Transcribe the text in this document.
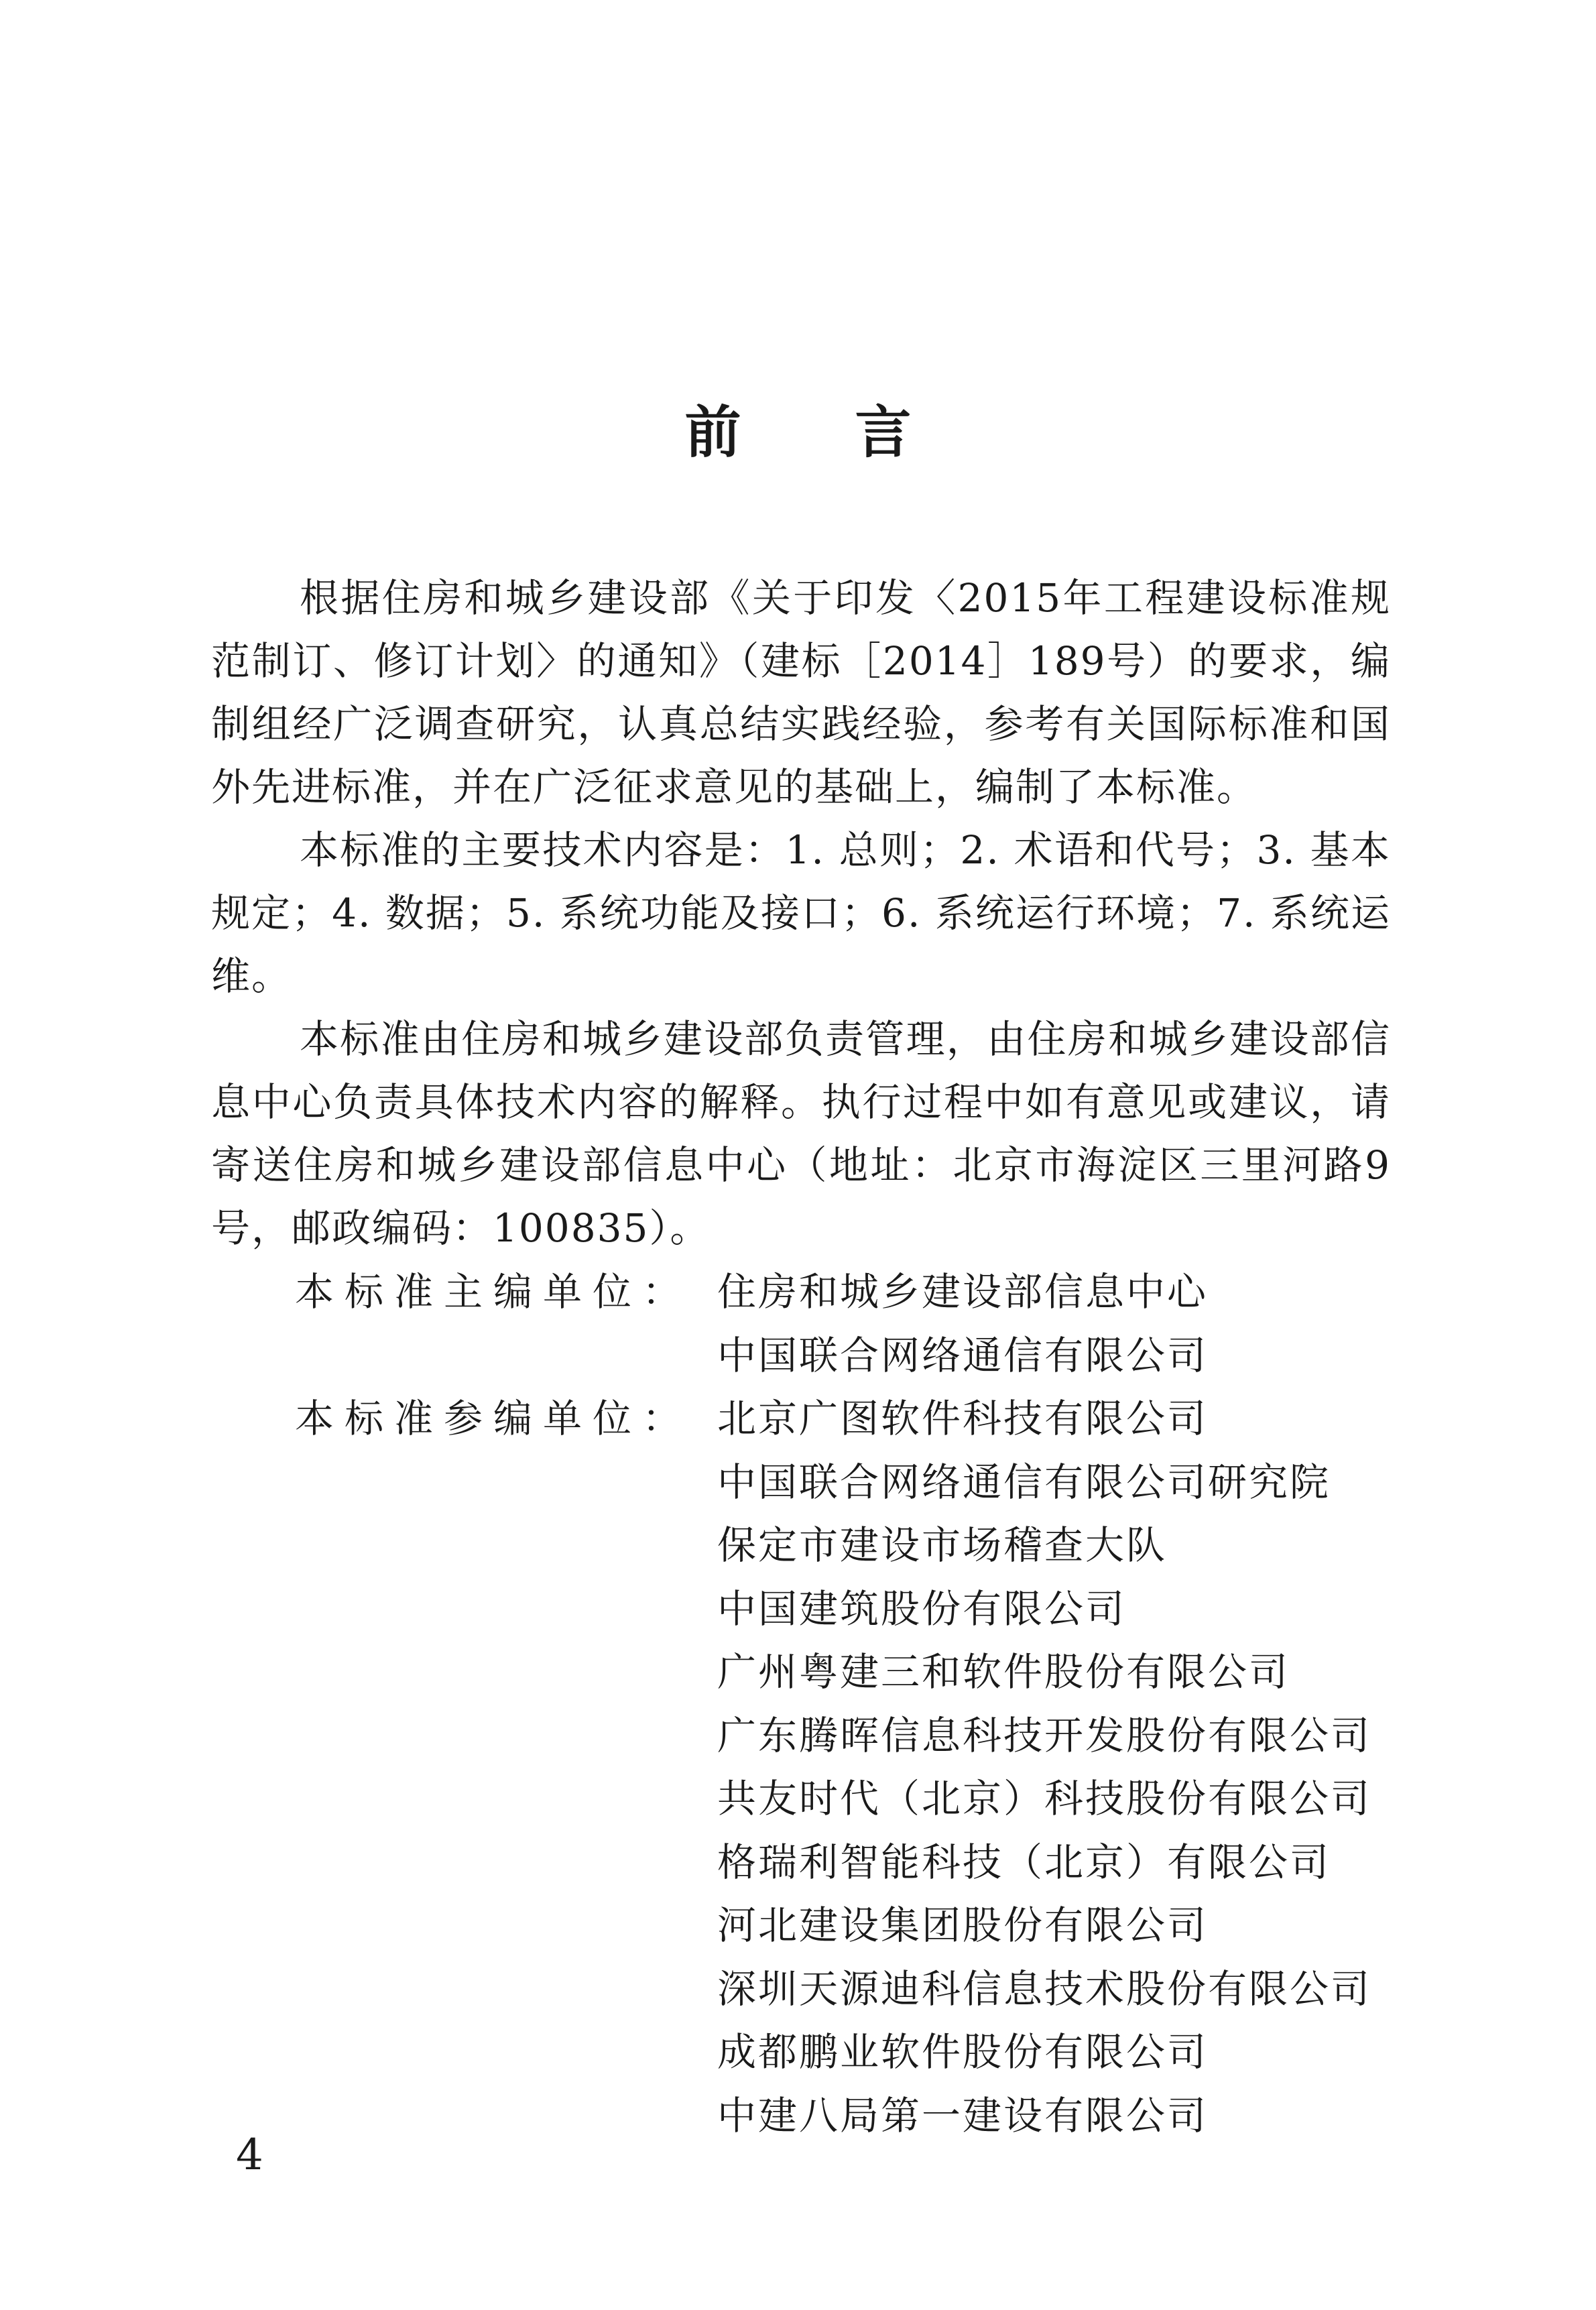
前 言

根据住房和城乡建设部《关于印发〈2015年工程建设标准规范制订、修订计划〉的通知》（建标［2014］189号）的要求，编制组经广泛调查研究，认真总结实践经验，参考有关国际标准和国外先进标准，并在广泛征求意见的基础上，编制了本标准。

本标准的主要技术内容是：1. 总则；2. 术语和代号；3. 基本规定；4. 数据；5. 系统功能及接口；6. 系统运行环境；7. 系统运维。

本标准由住房和城乡建设部负责管理，由住房和城乡建设部信息中心负责具体技术内容的解释。执行过程中如有意见或建议，请寄送住房和城乡建设部信息中心（地址：北京市海淀区三里河路9号，邮政编码：100835）。

本标准主编单位： 住房和城乡建设部信息中心
中国联合网络通信有限公司
本标准参编单位： 北京广图软件科技有限公司
中国联合网络通信有限公司研究院
保定市建设市场稽查大队
中国建筑股份有限公司
广州粤建三和软件股份有限公司
广东腾晖信息科技开发股份有限公司
共友时代（北京）科技股份有限公司
格瑞利智能科技（北京）有限公司
河北建设集团股份有限公司
深圳天源迪科信息技术股份有限公司
成都鹏业软件股份有限公司
中建八局第一建设有限公司
4
